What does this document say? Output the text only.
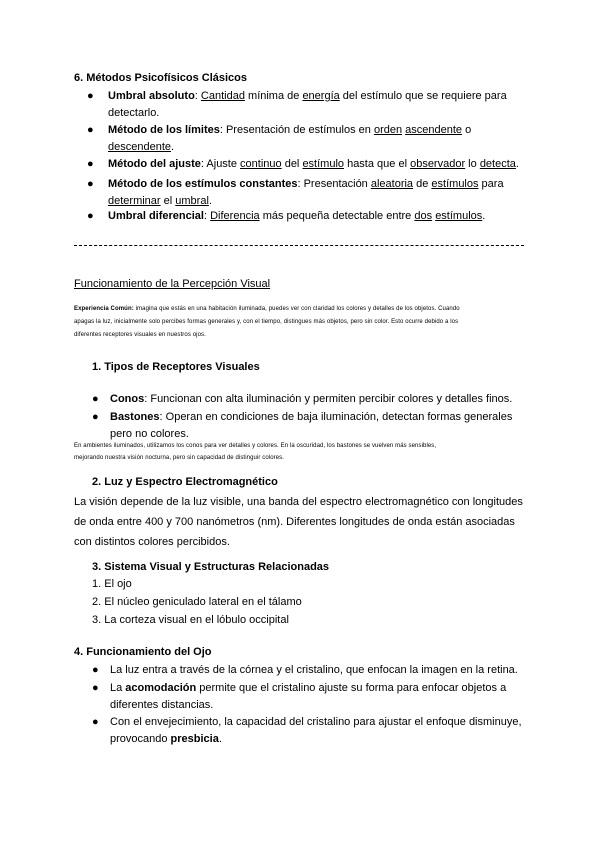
6. Métodos Psicofísicos Clásicos
● Umbral absoluto: Cantidad mínima de energía del estímulo que se requiere para
detectarlo.
● Método de los límites: Presentación de estímulos en orden ascendente o
descendente.
● Método del ajuste: Ajuste continuo del estímulo hasta que el observador lo detecta.
● Método de los estímulos constantes: Presentación aleatoria de estímulos para
determinar el umbral.
● Umbral diferencial: Diferencia más pequeña detectable entre dos estímulos.
Funcionamiento de la Percepción Visual
Experiencia Común: imagina que estás en una habitación iluminada, puedes ver con claridad los colores y detalles de los objetos. Cuando
apagas la luz, inicialmente solo percibes formas generales y, con el tiempo, distingues más objetos, pero sin color. Esto ocurre debido a los
diferentes receptores visuales en nuestros ojos.
1. Tipos de Receptores Visuales
● Conos: Funcionan con alta iluminación y permiten percibir colores y detalles finos.
● Bastones: Operan en condiciones de baja iluminación, detectan formas generales
pero no colores.
En ambientes iluminados, utilizamos los conos para ver detalles y colores. En la oscuridad, los bastones se vuelven más sensibles,
mejorando nuestra visión nocturna, pero sin capacidad de distinguir colores.
2. Luz y Espectro Electromagnético
La visión depende de la luz visible, una banda del espectro electromagnético con longitudes
de onda entre 400 y 700 nanómetros (nm). Diferentes longitudes de onda están asociadas
con distintos colores percibidos.
3. Sistema Visual y Estructuras Relacionadas
1. El ojo
2. El núcleo geniculado lateral en el tálamo
3. La corteza visual en el lóbulo occipital
4. Funcionamiento del Ojo
● La luz entra a través de la córnea y el cristalino, que enfocan la imagen en la retina.
● La acomodación permite que el cristalino ajuste su forma para enfocar objetos a
diferentes distancias.
● Con el envejecimiento, la capacidad del cristalino para ajustar el enfoque disminuye,
provocando presbicia.
